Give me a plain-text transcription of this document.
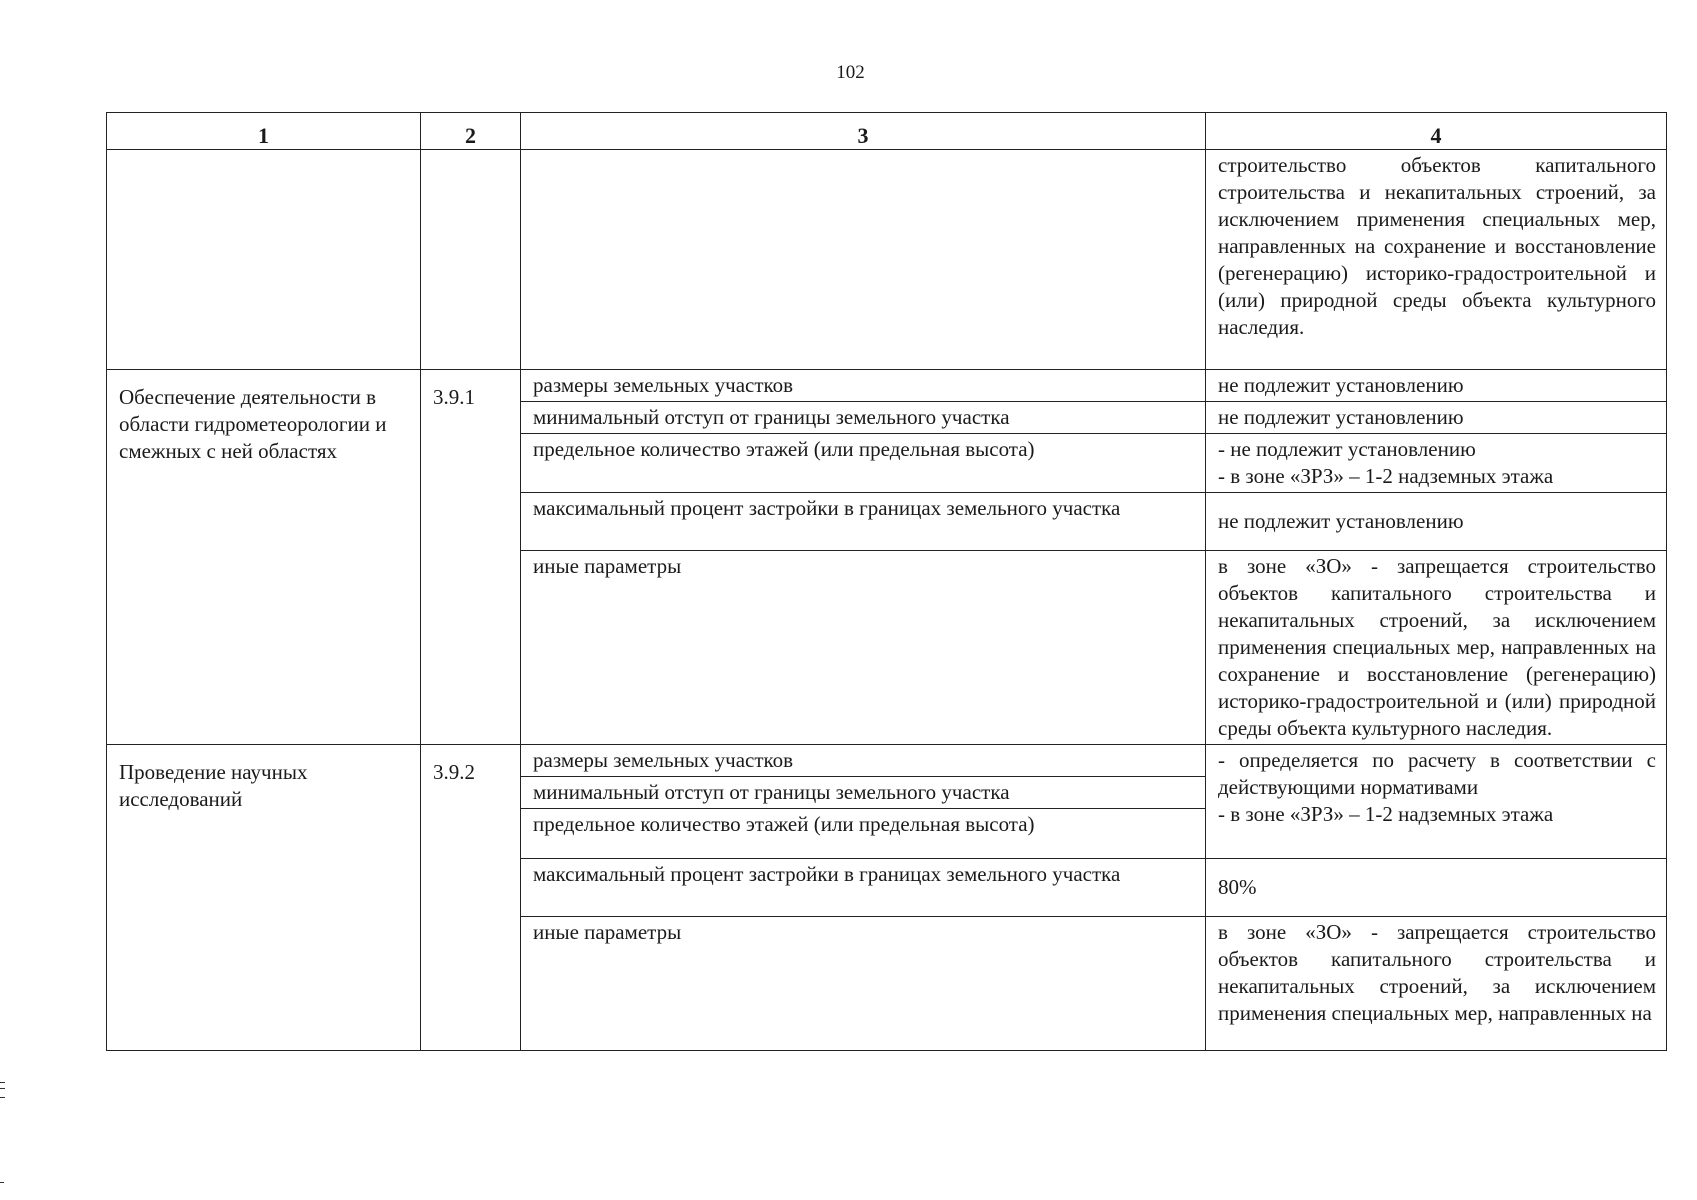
102
1	2	3	4
			строительство объектов капитального строительства и некапитальных строений, за исключением применения специальных мер, направленных на сохранение и восстановление (регенерацию) историко-градостроительной и (или) природной среды объекта культурного наследия.
Обеспечение деятельности в области гидрометеорологии и смежных с ней областях	3.9.1	размеры земельных участков	не подлежит установлению
		минимальный отступ от границы земельного участка	не подлежит установлению
		предельное количество этажей (или предельная высота)	- не подлежит установлению
- в зоне «ЗРЗ» – 1-2 надземных этажа

		максимальный процент застройки в границах земельного участка	не подлежит установлению
		иные параметры	в зоне «ЗО» - запрещается строительство объектов капитального строительства и некапитальных строений, за исключением применения специальных мер, направленных на сохранение и восстановление (регенерацию) историко-градостроительной и (или) природной среды объекта культурного наследия.
Проведение научных исследований	3.9.2	размеры земельных участков	- определяется по расчету в соответствии с действующими нормативами
- в зоне «ЗРЗ» – 1-2 надземных этажа

		минимальный отступ от границы земельного участка	
		предельное количество этажей (или предельная высота)	
		максимальный процент застройки в границах земельного участка	80%
		иные параметры	в зоне «ЗО» - запрещается строительство объектов капитального строительства и некапитальных строений, за исключением применения специальных мер, направленных на
